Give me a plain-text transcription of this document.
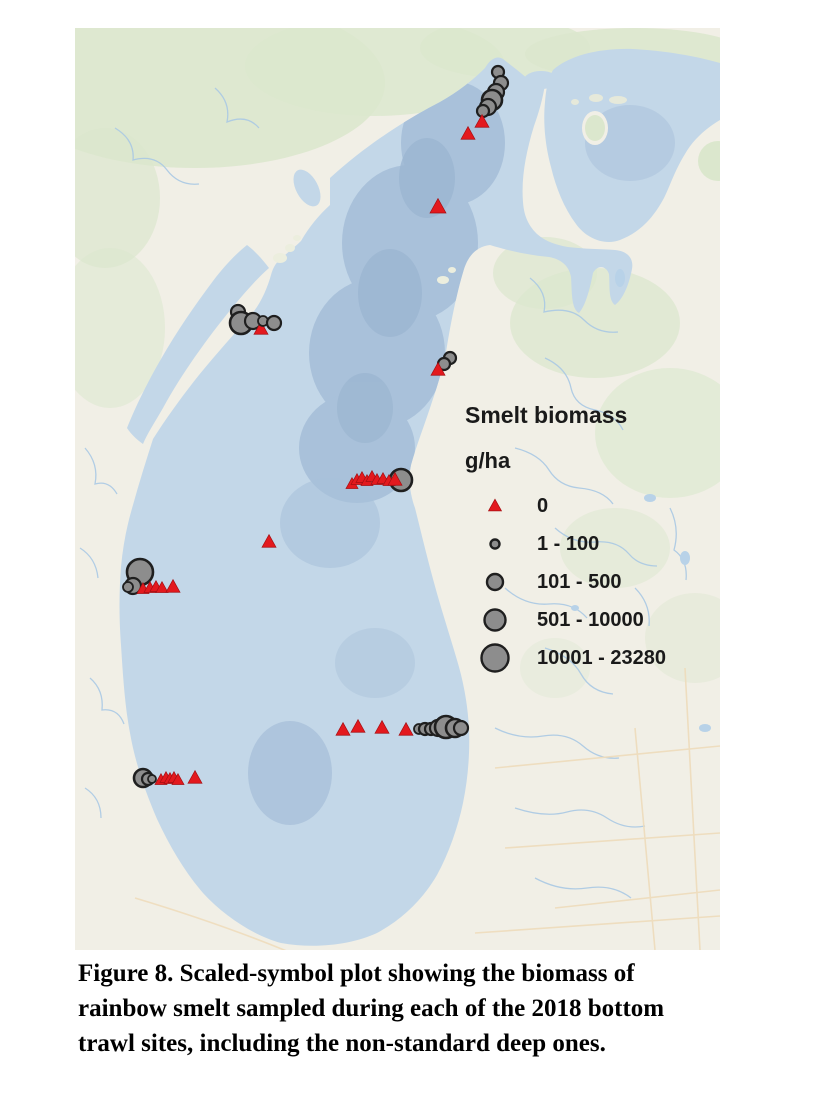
Smelt biomass
g/ha
0
1 - 100
101 - 500
501 - 10000
10001 - 23280
Figure 8. Scaled-symbol plot showing the biomass of
rainbow smelt sampled during each of the 2018 bottom
trawl sites, including the non-standard deep ones.
